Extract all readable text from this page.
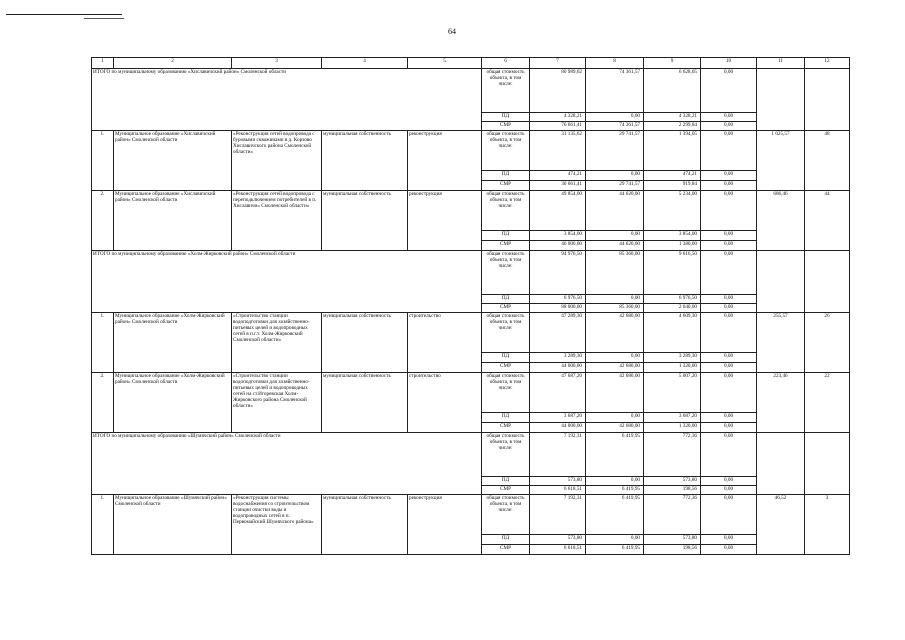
64
1	2	3	4	5	6	7	8	9	10	11	12
ИТОГО по муниципальному образованию «Хиславичский район» Смоленской области					общая стоимость объекта, в том числе:	80 989,62	74 361,57	6 628,05	0,00		
					ПД	4 328,21	0,00	4 328,21	0,00		
					СМР	76 661,41	74 361,57	2 299,84	0,00		
1.	Муниципальное образование «Хиславичский район» Смоленской области	«Реконструкция сетей водопровода с буровыми скважинами в д. Корзово Хиславичского района Смоленской области»	муниципальная собственность	реконструкция	общая стоимость объекта, в том числе:	31 135,62	29 741,57	1 394,05	0,00	1 025,57	48
					ПД	474,21	0,00	474,21	0,00		
					СМР	30 661,41	29 741,57	919,84	0,00		
2.	Муниципальное образование «Хиславичский район» Смоленской области	«Реконструкция сетей водопровода с переподключением потребителей в п. Хиславичи» Смоленской области»	муниципальная собственность	реконструкция	общая стоимость объекта, в том числе:	49 854,00	44 620,00	5 234,00	0,00	686,46	44
					ПД	3 854,00	0,00	3 854,00	0,00		
					СМР	46 000,00	44 620,00	1 380,00	0,00		
ИТОГО по муниципальному образованию «Холм-Жирковский район» Смоленской области					общая стоимость объекта, в том числе:	94 976,50	85 360,00	9 616,50	0,00		
					ПД	6 976,50	0,00	6 976,50	0,00		
					СМР	88 000,00	85 360,00	2 640,00	0,00		
1.	Муниципальное образование «Холм-Жирковский район» Смоленской области	«Строительство станции водоподготовки для хозяйственно-питьевых целей и водопроводных сетей в п.г.т. Холм-Жирковский Смоленской области»	муниципальная собственность	строительство	общая стоимость объекта, в том числе:	47 289,30	42 680,00	4 609,30	0,00	255,57	26
					ПД	3 289,30	0,00	3 289,30	0,00		
					СМР	44 000,00	42 680,00	1 320,00	0,00		
2.	Муниципальное образование «Холм-Жирковский район» Смоленской области	«Строительство станции водоподготовки для хозяйственно-питьевых целей и водопроводных сетей на ст.Игоревская Холм-Жирковского района Смоленской области»	муниципальная собственность	строительство	общая стоимость объекта, в том числе:	47 687,20	42 680,00	5 007,20	0,00	223,46	22
					ПД	3 687,20	0,00	3 687,20	0,00		
					СМР	44 000,00	42 680,00	1 320,00	0,00		
ИТОГО по муниципальному образованию «Шумячский район» Смоленской области					общая стоимость объекта, в том числе:	7 192,31	6 419,95	772,36	0,00		
					ПД	573,80	0,00	573,80	0,00		
					СМР	6 618,51	6 419,95	198,56	0,00		
1.	Муниципальное образование «Шумячский район» Смоленской области	«Реконструкция системы водоснабжения со строительством станции очистки воды и водопроводных сетей в п. Первомайский Шумячского района»	муниципальная собственность	реконструкция	общая стоимость объекта, в том числе:	7 192,31	6 419,95	772,36	0,00	46,52	3
					ПД	573,80	0,00	573,80	0,00		
					СМР	6 618,51	6 419,95	198,56	0,00		
